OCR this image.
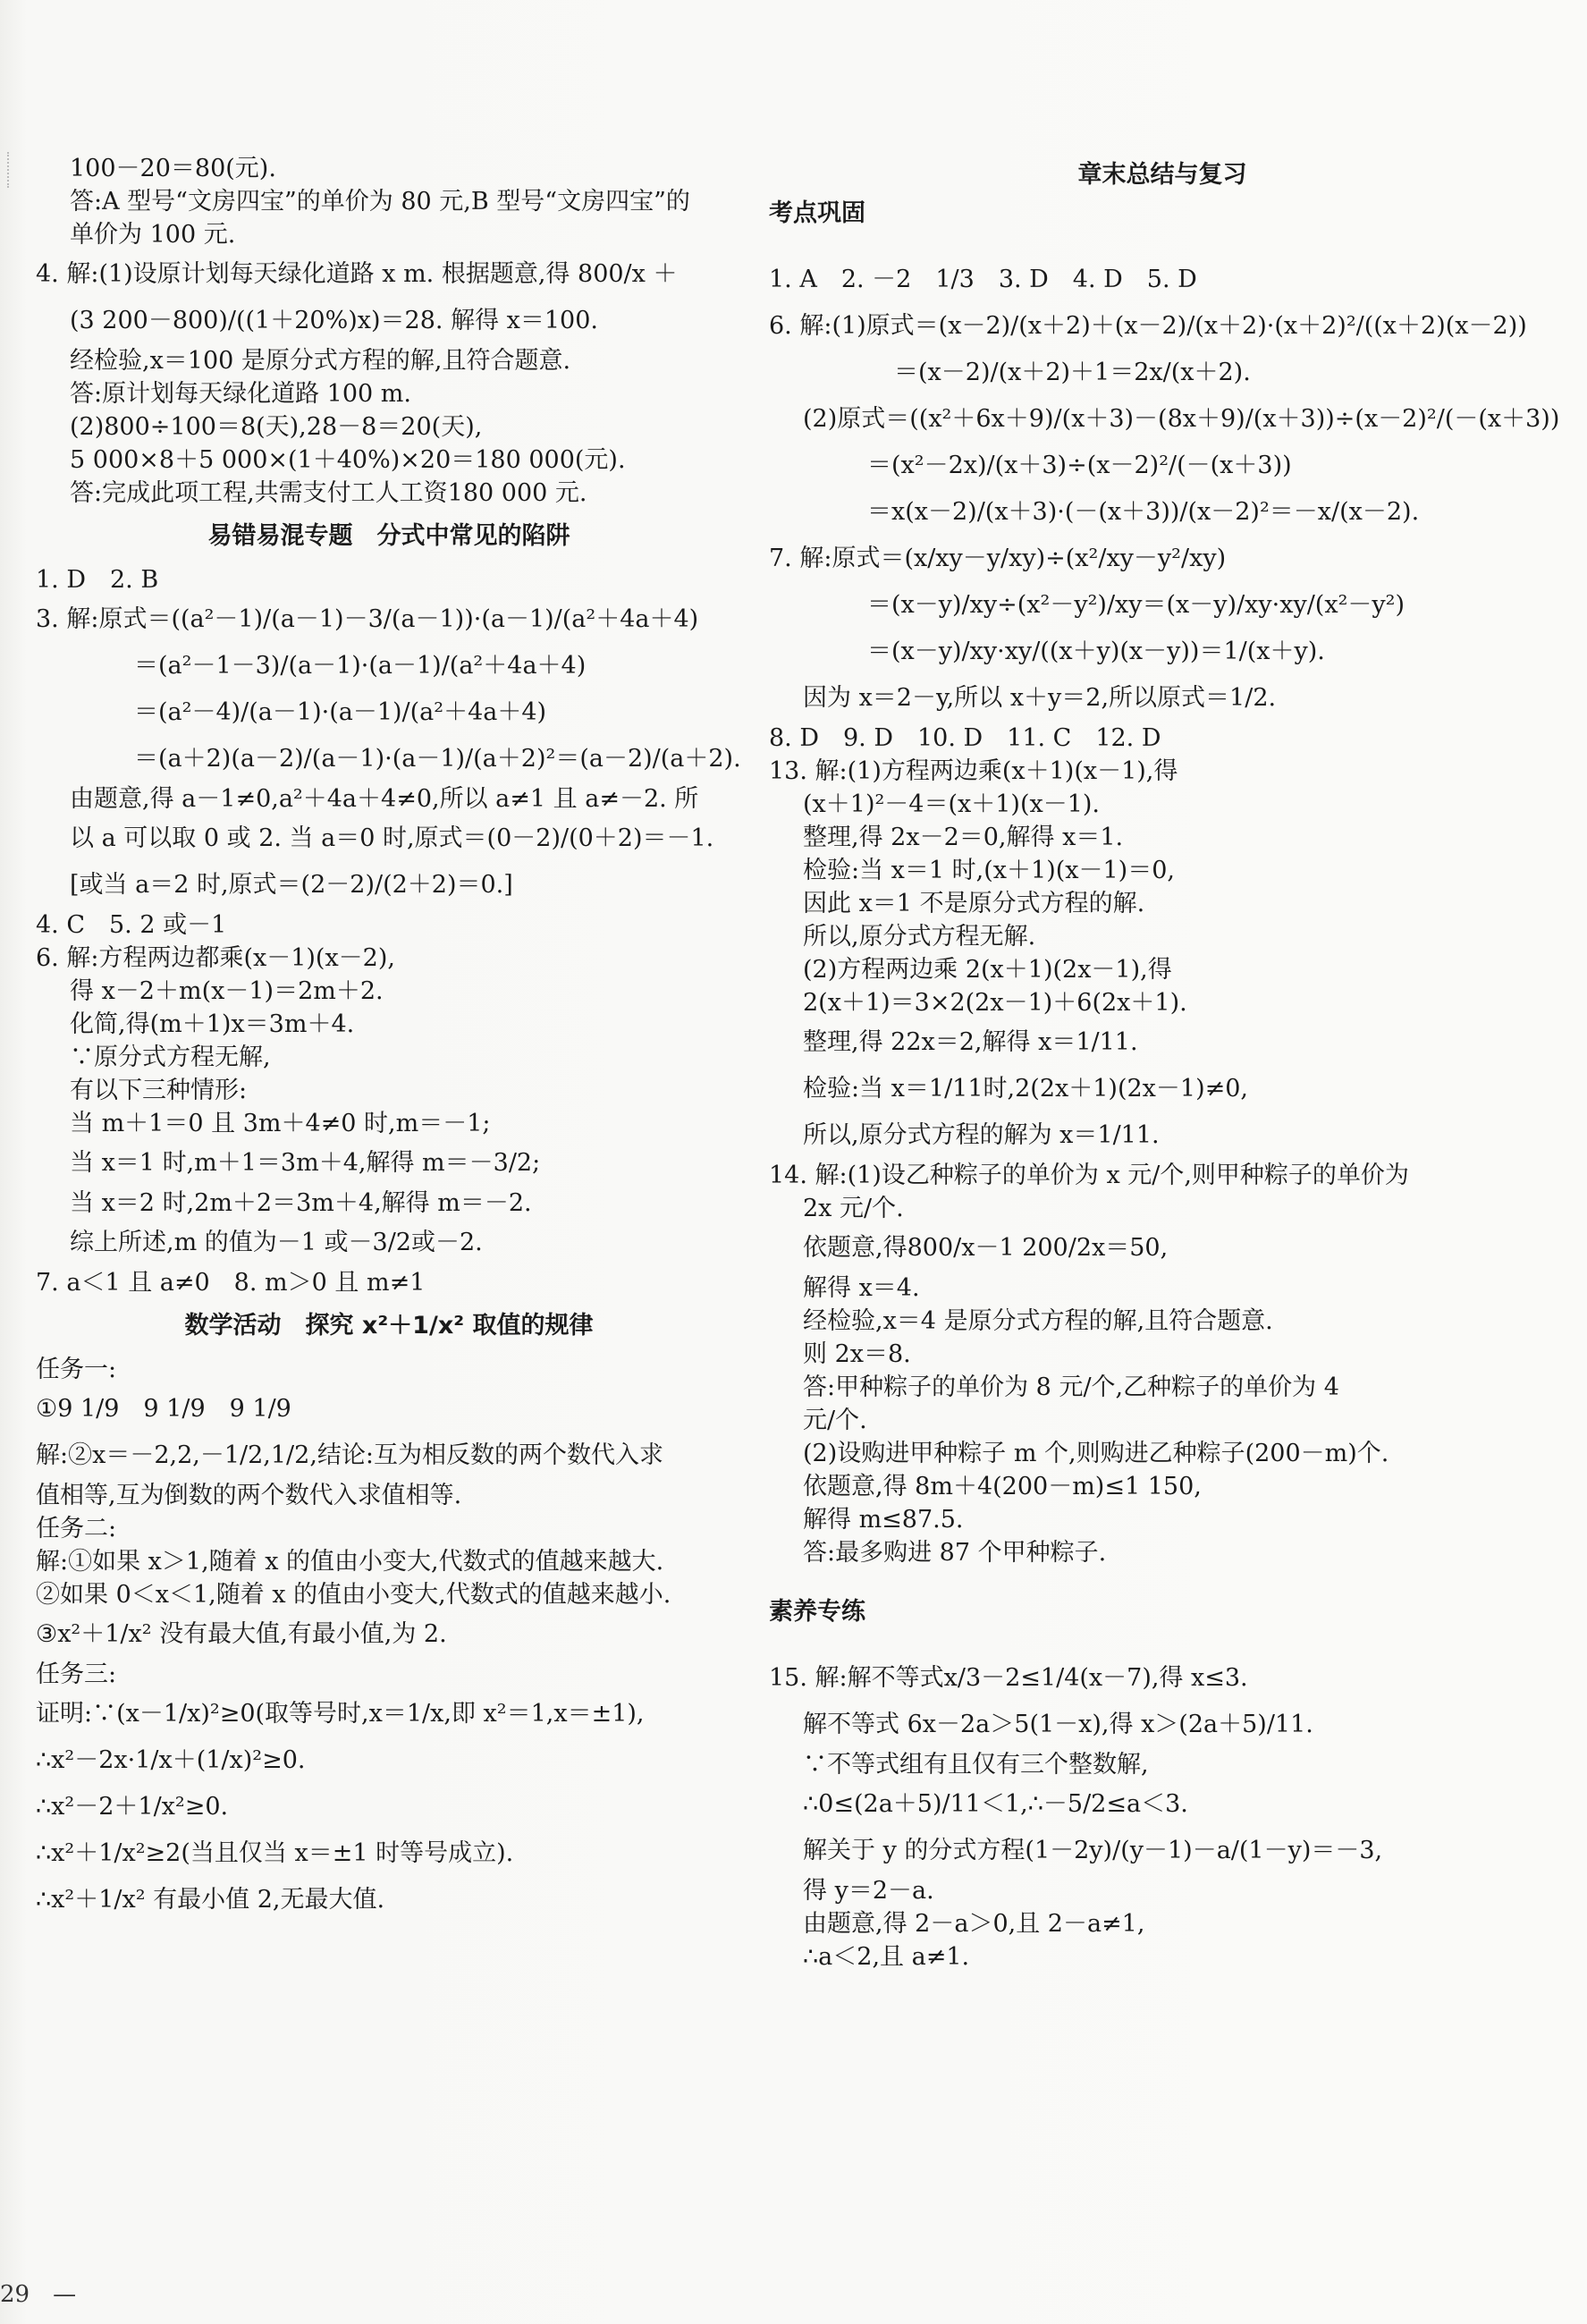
100－20＝80(元).

答:A 型号“文房四宝”的单价为 80 元,B 型号“文房四宝”的

单价为 100 元.

4. 解:(1)设原计划每天绿化道路 x m. 根据题意,得 800/x ＋

(3 200－800)/((1＋20%)x)＝28. 解得 x＝100.

经检验,x＝100 是原分式方程的解,且符合题意.

答:原计划每天绿化道路 100 m.

(2)800÷100＝8(天),28－8＝20(天),

5 000×8＋5 000×(1＋40%)×20＝180 000(元).

答:完成此项工程,共需支付工人工资180 000 元.

易错易混专题　分式中常见的陷阱

1. D　2. B

3. 解:原式＝((a²－1)/(a－1)－3/(a－1))·(a－1)/(a²＋4a＋4)

＝(a²－1－3)/(a－1)·(a－1)/(a²＋4a＋4)

＝(a²－4)/(a－1)·(a－1)/(a²＋4a＋4)

＝(a＋2)(a－2)/(a－1)·(a－1)/(a＋2)²＝(a－2)/(a＋2).

由题意,得 a－1≠0,a²＋4a＋4≠0,所以 a≠1 且 a≠－2. 所

以 a 可以取 0 或 2. 当 a＝0 时,原式＝(0－2)/(0＋2)＝－1.

[或当 a＝2 时,原式＝(2－2)/(2＋2)＝0.]

4. C　5. 2 或－1

6. 解:方程两边都乘(x－1)(x－2),

得 x－2＋m(x－1)＝2m＋2.

化简,得(m＋1)x＝3m＋4.

∵原分式方程无解,

有以下三种情形:

当 m＋1＝0 且 3m＋4≠0 时,m＝－1;

当 x＝1 时,m＋1＝3m＋4,解得 m＝－3/2;

当 x＝2 时,2m＋2＝3m＋4,解得 m＝－2.

综上所述,m 的值为－1 或－3/2或－2.

7. a＜1 且 a≠0　8. m＞0 且 m≠1

数学活动　探究 x²＋1/x² 取值的规律

任务一:

①9 1/9　9 1/9　9 1/9

解:②x＝－2,2,－1/2,1/2,结论:互为相反数的两个数代入求

值相等,互为倒数的两个数代入求值相等.

任务二:

解:①如果 x＞1,随着 x 的值由小变大,代数式的值越来越大.

②如果 0＜x＜1,随着 x 的值由小变大,代数式的值越来越小.

③x²＋1/x² 没有最大值,有最小值,为 2.

任务三:

证明:∵(x－1/x)²≥0(取等号时,x＝1/x,即 x²＝1,x＝±1),

∴x²－2x·1/x＋(1/x)²≥0.

∴x²－2＋1/x²≥0.

∴x²＋1/x²≥2(当且仅当 x＝±1 时等号成立).

∴x²＋1/x² 有最小值 2,无最大值.

章末总结与复习

考点巩固

1. A　2. －2　1/3　3. D　4. D　5. D

6. 解:(1)原式＝(x－2)/(x＋2)＋(x－2)/(x＋2)·(x＋2)²/((x＋2)(x－2))

＝(x－2)/(x＋2)＋1＝2x/(x＋2).

(2)原式＝((x²＋6x＋9)/(x＋3)－(8x＋9)/(x＋3))÷(x－2)²/(－(x＋3))

＝(x²－2x)/(x＋3)÷(x－2)²/(－(x＋3))

＝x(x－2)/(x＋3)·(－(x＋3))/(x－2)²＝－x/(x－2).

7. 解:原式＝(x/xy－y/xy)÷(x²/xy－y²/xy)

＝(x－y)/xy÷(x²－y²)/xy＝(x－y)/xy·xy/(x²－y²)

＝(x－y)/xy·xy/((x＋y)(x－y))＝1/(x＋y).

因为 x＝2－y,所以 x＋y＝2,所以原式＝1/2.

8. D　9. D　10. D　11. C　12. D

13. 解:(1)方程两边乘(x＋1)(x－1),得

(x＋1)²－4＝(x＋1)(x－1).

整理,得 2x－2＝0,解得 x＝1.

检验:当 x＝1 时,(x＋1)(x－1)＝0,

因此 x＝1 不是原分式方程的解.

所以,原分式方程无解.

(2)方程两边乘 2(x＋1)(2x－1),得

2(x＋1)＝3×2(2x－1)＋6(2x＋1).

整理,得 22x＝2,解得 x＝1/11.

检验:当 x＝1/11时,2(2x＋1)(2x－1)≠0,

所以,原分式方程的解为 x＝1/11.

14. 解:(1)设乙种粽子的单价为 x 元/个,则甲种粽子的单价为

2x 元/个.

依题意,得800/x－1 200/2x＝50,

解得 x＝4.

经检验,x＝4 是原分式方程的解,且符合题意.

则 2x＝8.

答:甲种粽子的单价为 8 元/个,乙种粽子的单价为 4

元/个.

(2)设购进甲种粽子 m 个,则购进乙种粽子(200－m)个.

依题意,得 8m＋4(200－m)≤1 150,

解得 m≤87.5.

答:最多购进 87 个甲种粽子.

素养专练

15. 解:解不等式x/3－2≤1/4(x－7),得 x≤3.

解不等式 6x－2a＞5(1－x),得 x＞(2a＋5)/11.

∵不等式组有且仅有三个整数解,

∴0≤(2a＋5)/11＜1,∴－5/2≤a＜3.

解关于 y 的分式方程(1－2y)/(y－1)－a/(1－y)＝－3,

得 y＝2－a.

由题意,得 2－a＞0,且 2－a≠1,

∴a＜2,且 a≠1.

29　—
